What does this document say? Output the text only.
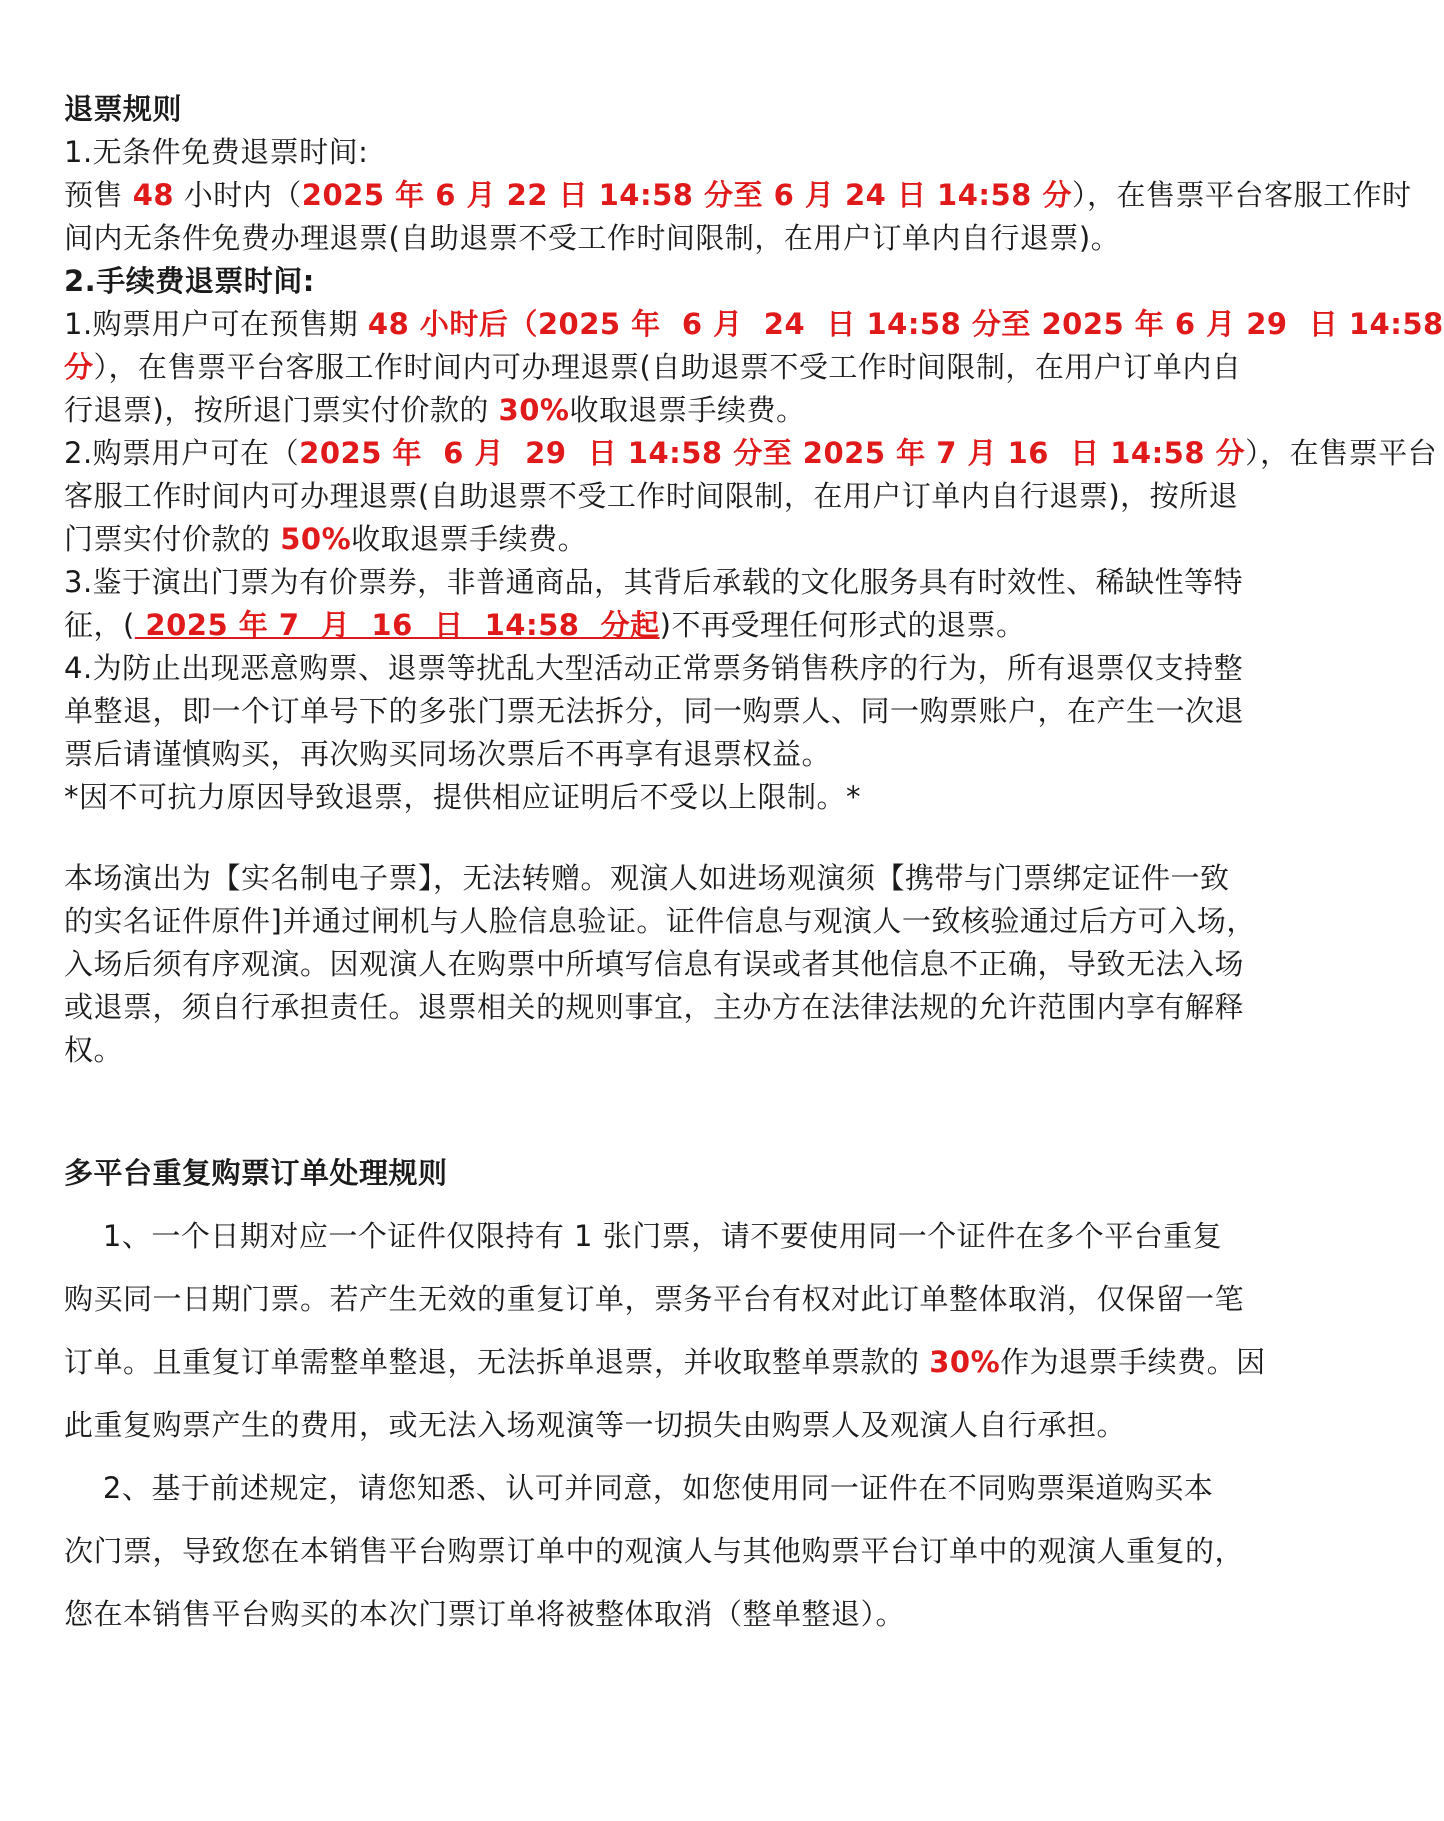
退票规则
1.无条件免费退票时间:
预售 48 小时内（2025 年 6 月 22 日 14:58 分至 6 月 24 日 14:58 分），在售票平台客服工作时
间内无条件免费办理退票(自助退票不受工作时间限制，在用户订单内自行退票)。
2.手续费退票时间:
1.购票用户可在预售期 48 小时后（2025 年  6 月  24  日 14:58 分至 2025 年 6 月 29  日 14:58
分），在售票平台客服工作时间内可办理退票(自助退票不受工作时间限制，在用户订单内自
行退票)，按所退门票实付价款的 30%收取退票手续费。
2.购票用户可在（2025 年  6 月  29  日 14:58 分至 2025 年 7 月 16  日 14:58 分），在售票平台
客服工作时间内可办理退票(自助退票不受工作时间限制，在用户订单内自行退票)，按所退
门票实付价款的 50%收取退票手续费。
3.鉴于演出门票为有价票券，非普通商品，其背后承载的文化服务具有时效性、稀缺性等特
征，( 2025 年 7  月  16  日  14:58  分起)不再受理任何形式的退票。
4.为防止出现恶意购票、退票等扰乱大型活动正常票务销售秩序的行为，所有退票仅支持整
单整退，即一个订单号下的多张门票无法拆分，同一购票人、同一购票账户，在产生一次退
票后请谨慎购买，再次购买同场次票后不再享有退票权益。
*因不可抗力原因导致退票，提供相应证明后不受以上限制。*
本场演出为【实名制电子票】，无法转赠。观演人如进场观演须【携带与门票绑定证件一致
的实名证件原件]并通过闸机与人脸信息验证。证件信息与观演人一致核验通过后方可入场，
入场后须有序观演。因观演人在购票中所填写信息有误或者其他信息不正确，导致无法入场
或退票，须自行承担责任。退票相关的规则事宜，主办方在法律法规的允许范围内享有解释
权。
多平台重复购票订单处理规则
1、一个日期对应一个证件仅限持有 1 张门票，请不要使用同一个证件在多个平台重复
购买同一日期门票。若产生无效的重复订单，票务平台有权对此订单整体取消，仅保留一笔
订单。且重复订单需整单整退，无法拆单退票，并收取整单票款的 30%作为退票手续费。因
此重复购票产生的费用，或无法入场观演等一切损失由购票人及观演人自行承担。
2、基于前述规定，请您知悉、认可并同意，如您使用同一证件在不同购票渠道购买本
次门票，导致您在本销售平台购票订单中的观演人与其他购票平台订单中的观演人重复的，
您在本销售平台购买的本次门票订单将被整体取消（整单整退）。
